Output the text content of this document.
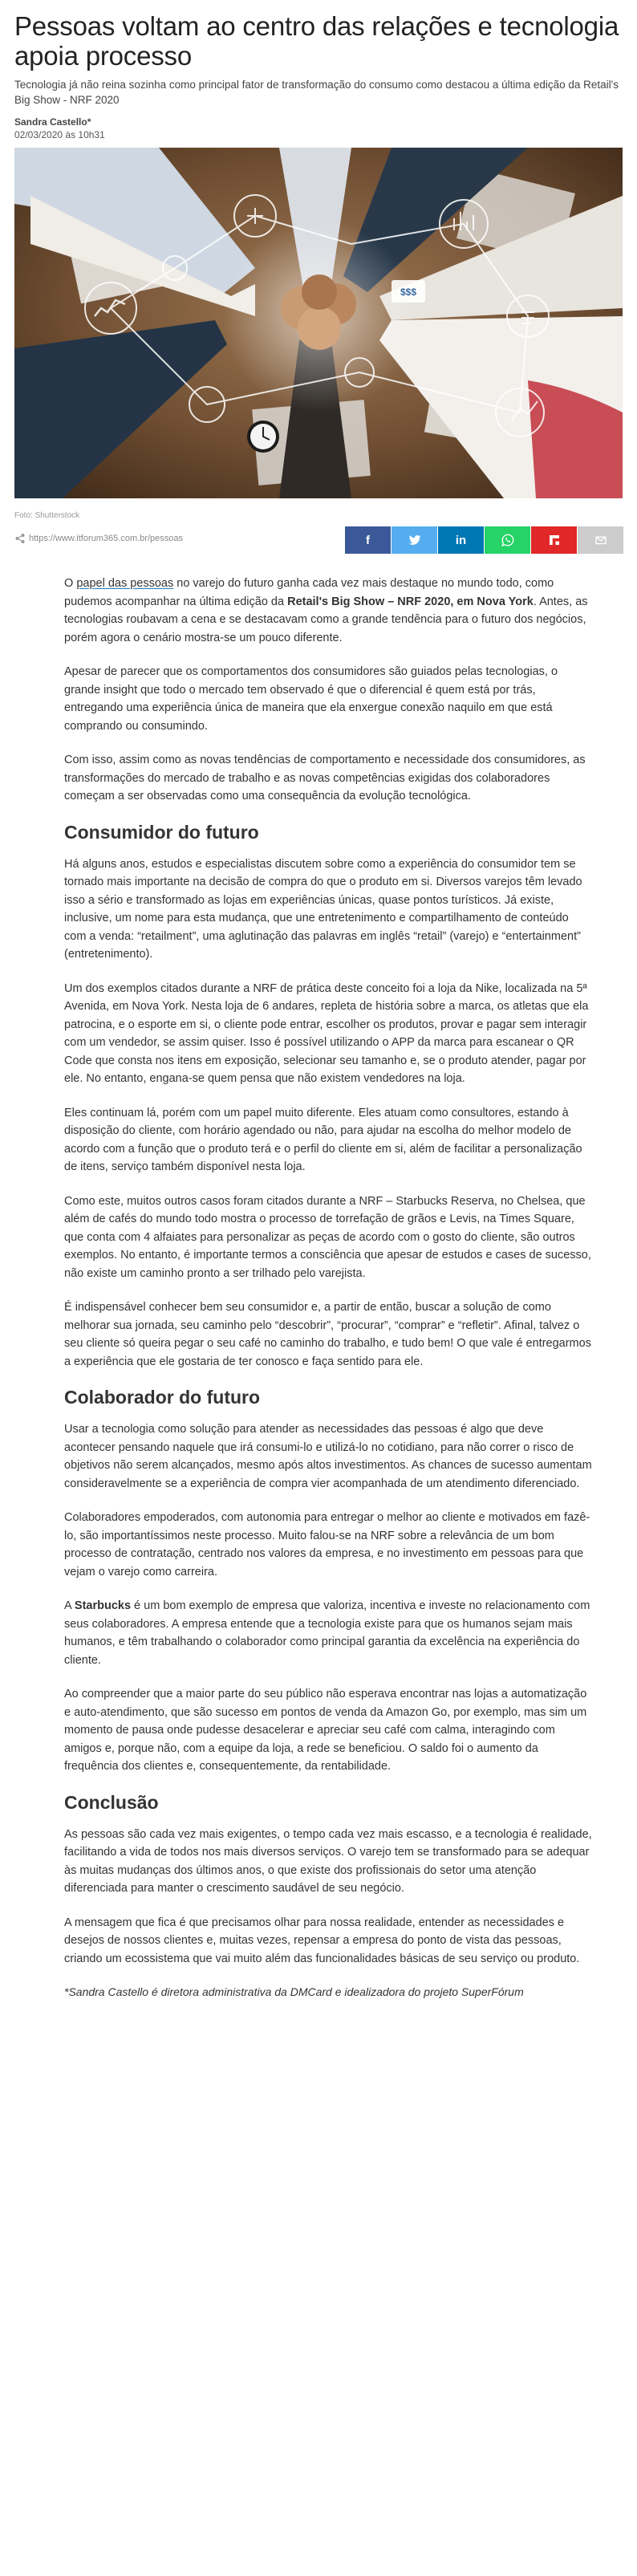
Pessoas voltam ao centro das relações e tecnologia apoia processo

Tecnologia já não reina sozinha como principal fator de transformação do consumo como destacou a última edição da Retail's Big Show - NRF 2020

Sandra Castello*
02/03/2020 às 10h31
$$$
Foto: Shutterstock
https://www.itforum365.com.br/pessoas	f	in

O papel das pessoas no varejo do futuro ganha cada vez mais destaque no mundo todo, como pudemos acompanhar na última edição da Retail's Big Show – NRF 2020, em Nova York. Antes, as tecnologias roubavam a cena e se destacavam como a grande tendência para o futuro dos negócios, porém agora o cenário mostra-se um pouco diferente.

Apesar de parecer que os comportamentos dos consumidores são guiados pelas tecnologias, o grande insight que todo o mercado tem observado é que o diferencial é quem está por trás, entregando uma experiência única de maneira que ela enxergue conexão naquilo em que está comprando ou consumindo.

Com isso, assim como as novas tendências de comportamento e necessidade dos consumidores, as transformações do mercado de trabalho e as novas competências exigidas dos colaboradores começam a ser observadas como uma consequência da evolução tecnológica.

Consumidor do futuro

Há alguns anos, estudos e especialistas discutem sobre como a experiência do consumidor tem se tornado mais importante na decisão de compra do que o produto em si. Diversos varejos têm levado isso a sério e transformado as lojas em experiências únicas, quase pontos turísticos. Já existe, inclusive, um nome para esta mudança, que une entretenimento e compartilhamento de conteúdo com a venda: “retailment”, uma aglutinação das palavras em inglês “retail” (varejo) e “entertainment” (entretenimento).

Um dos exemplos citados durante a NRF de prática deste conceito foi a loja da Nike, localizada na 5ª Avenida, em Nova York. Nesta loja de 6 andares, repleta de história sobre a marca, os atletas que ela patrocina, e o esporte em si, o cliente pode entrar, escolher os produtos, provar e pagar sem interagir com um vendedor, se assim quiser. Isso é possível utilizando o APP da marca para escanear o QR Code que consta nos itens em exposição, selecionar seu tamanho e, se o produto atender, pagar por ele. No entanto, engana-se quem pensa que não existem vendedores na loja.

Eles continuam lá, porém com um papel muito diferente. Eles atuam como consultores, estando à disposição do cliente, com horário agendado ou não, para ajudar na escolha do melhor modelo de acordo com a função que o produto terá e o perfil do cliente em si, além de facilitar a personalização de itens, serviço também disponível nesta loja.

Como este, muitos outros casos foram citados durante a NRF – Starbucks Reserva, no Chelsea, que além de cafés do mundo todo mostra o processo de torrefação de grãos e Levis, na Times Square, que conta com 4 alfaiates para personalizar as peças de acordo com o gosto do cliente, são outros exemplos. No entanto, é importante termos a consciência que apesar de estudos e cases de sucesso, não existe um caminho pronto a ser trilhado pelo varejista.

É indispensável conhecer bem seu consumidor e, a partir de então, buscar a solução de como melhorar sua jornada, seu caminho pelo “descobrir”, “procurar”, “comprar” e “refletir”. Afinal, talvez o seu cliente só queira pegar o seu café no caminho do trabalho, e tudo bem! O que vale é entregarmos a experiência que ele gostaria de ter conosco e faça sentido para ele.

Colaborador do futuro

Usar a tecnologia como solução para atender as necessidades das pessoas é algo que deve acontecer pensando naquele que irá consumi-lo e utilizá-lo no cotidiano, para não correr o risco de objetivos não serem alcançados, mesmo após altos investimentos. As chances de sucesso aumentam consideravelmente se a experiência de compra vier acompanhada de um atendimento diferenciado.

Colaboradores empoderados, com autonomia para entregar o melhor ao cliente e motivados em fazê-lo, são importantíssimos neste processo. Muito falou-se na NRF sobre a relevância de um bom processo de contratação, centrado nos valores da empresa, e no investimento em pessoas para que vejam o varejo como carreira.

A Starbucks é um bom exemplo de empresa que valoriza, incentiva e investe no relacionamento com seus colaboradores. A empresa entende que a tecnologia existe para que os humanos sejam mais humanos, e têm trabalhando o colaborador como principal garantia da excelência na experiência do cliente.

Ao compreender que a maior parte do seu público não esperava encontrar nas lojas a automatização e auto-atendimento, que são sucesso em pontos de venda da Amazon Go, por exemplo, mas sim um momento de pausa onde pudesse desacelerar e apreciar seu café com calma, interagindo com amigos e, porque não, com a equipe da loja, a rede se beneficiou. O saldo foi o aumento da frequência dos clientes e, consequentemente, da rentabilidade.

Conclusão

As pessoas são cada vez mais exigentes, o tempo cada vez mais escasso, e a tecnologia é realidade, facilitando a vida de todos nos mais diversos serviços. O varejo tem se transformado para se adequar às muitas mudanças dos últimos anos, o que existe dos profissionais do setor uma atenção diferenciada para manter o crescimento saudável de seu negócio.

A mensagem que fica é que precisamos olhar para nossa realidade, entender as necessidades e desejos de nossos clientes e, muitas vezes, repensar a empresa do ponto de vista das pessoas, criando um ecossistema que vai muito além das funcionalidades básicas de seu serviço ou produto.

*Sandra Castello é diretora administrativa da DMCard e idealizadora do projeto SuperFórum
